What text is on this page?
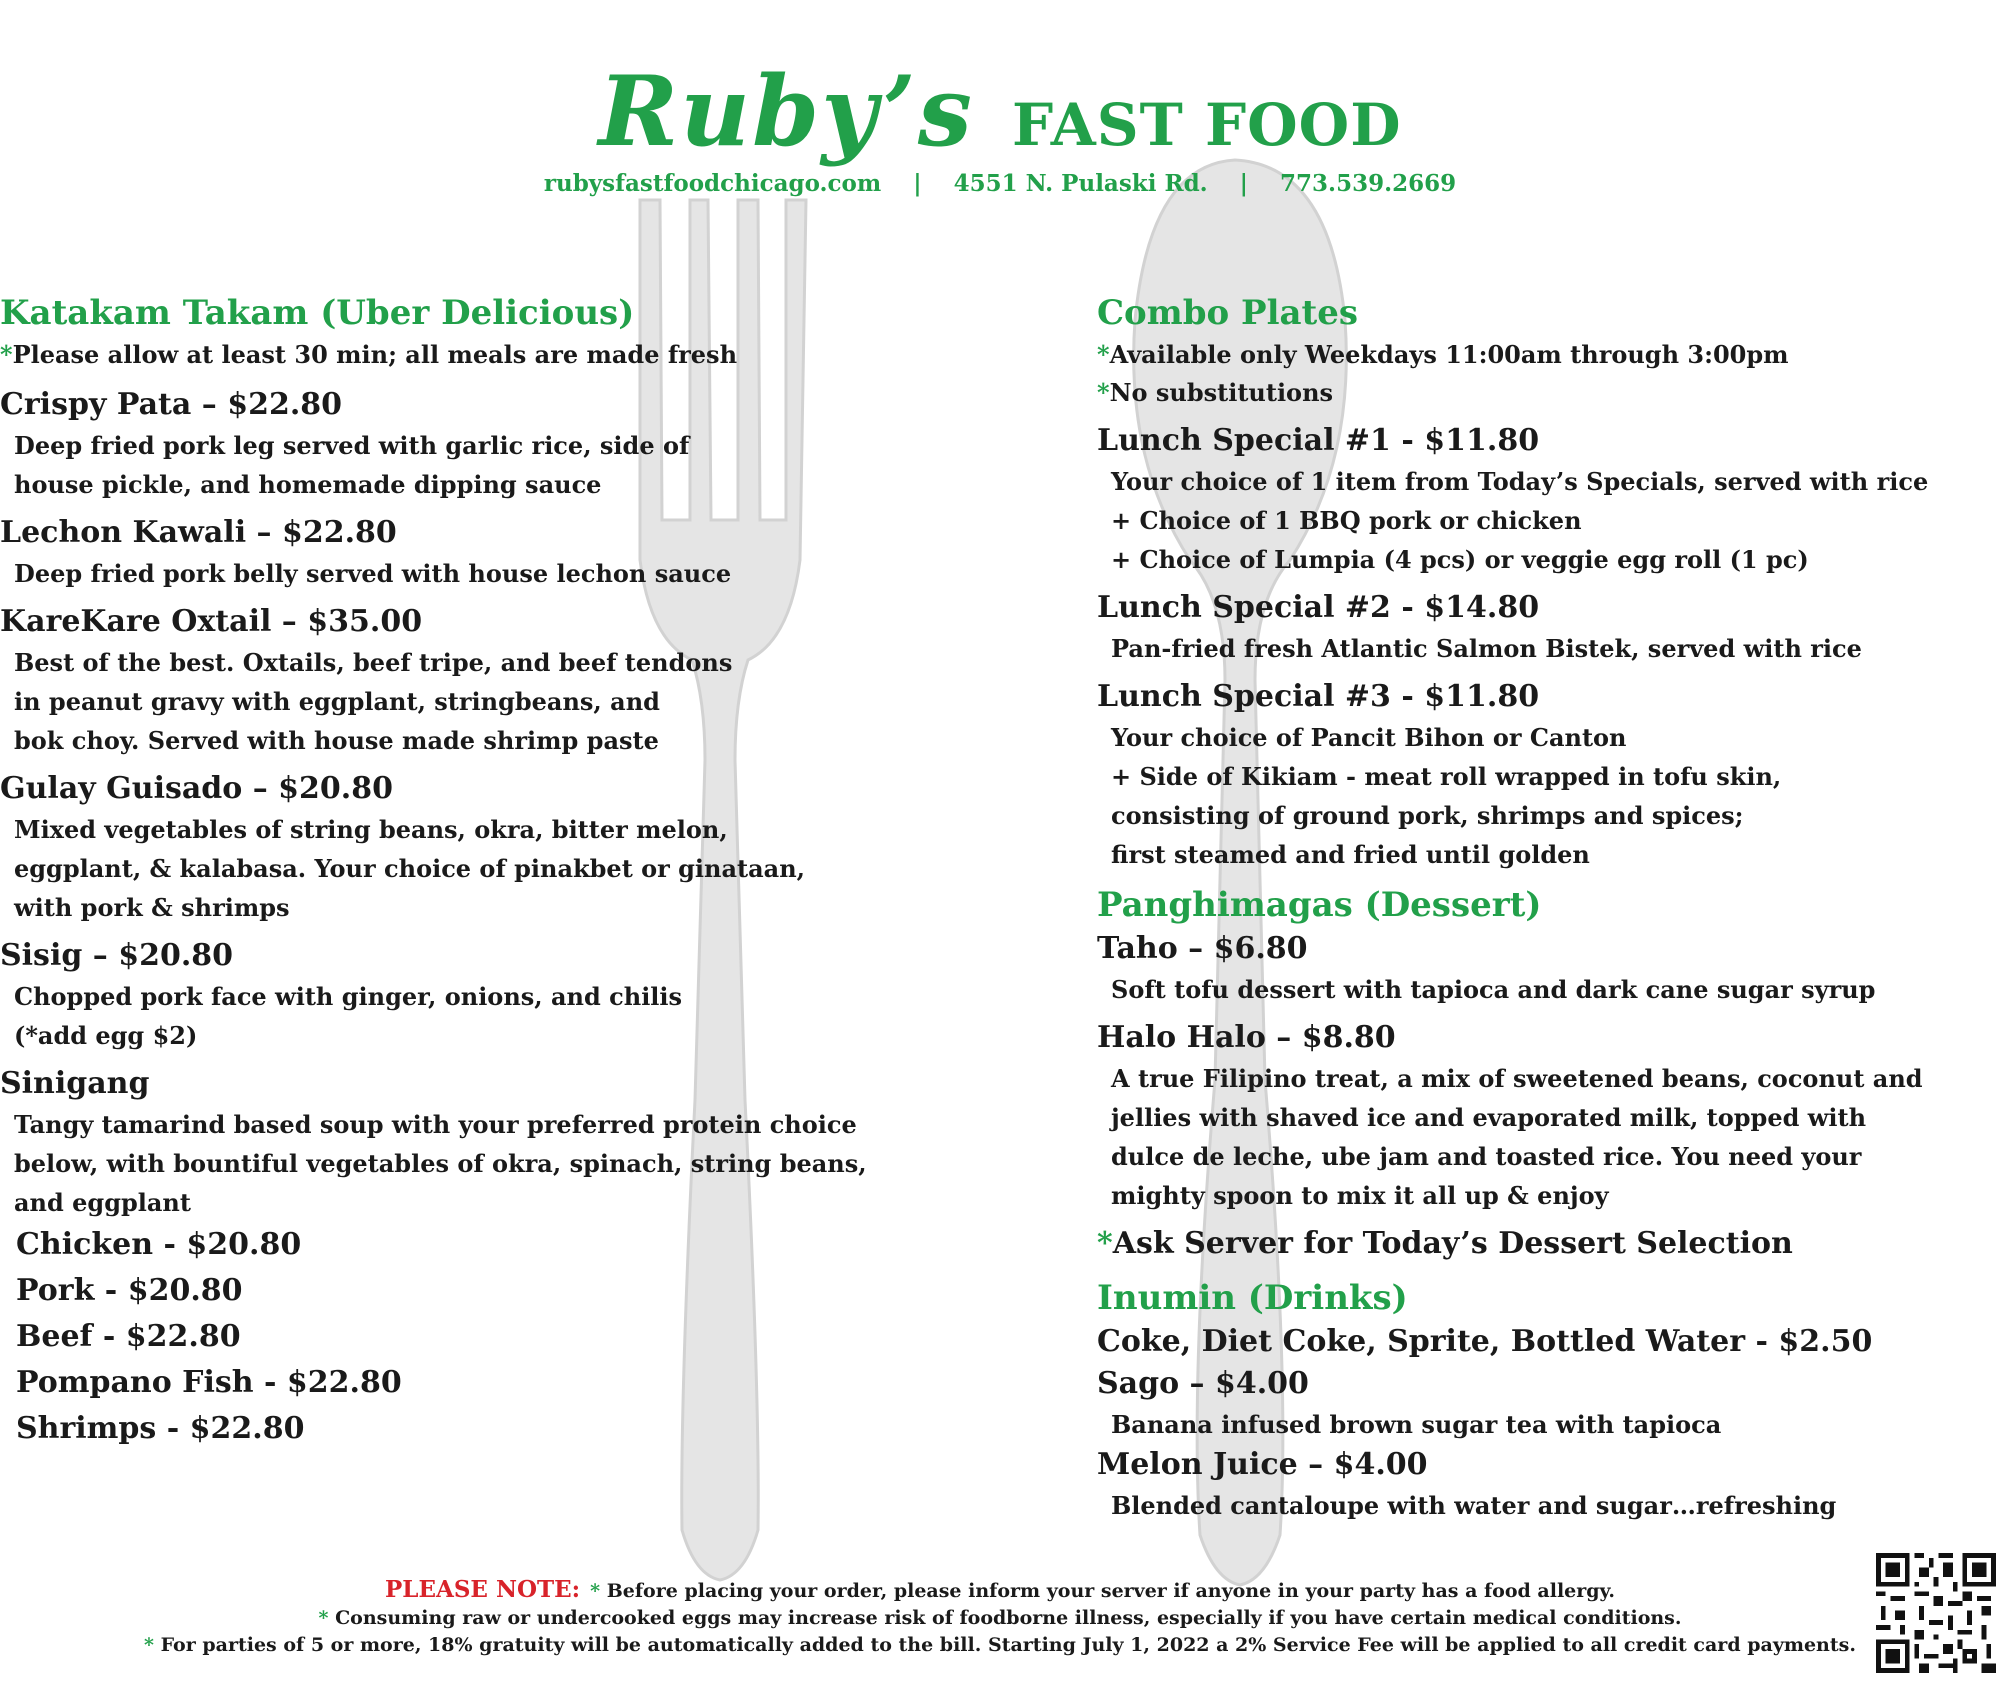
Ruby’s FAST FOOD
rubysfastfoodchicago.com | 4551 N. Pulaski Rd. | 773.539.2669
Katakam Takam (Uber Delicious)
*Please allow at least 30 min; all meals are made fresh
Crispy Pata – $22.80
Deep fried pork leg served with garlic rice, side of
house pickle, and homemade dipping sauce
Lechon Kawali – $22.80
Deep fried pork belly served with house lechon sauce
KareKare Oxtail – $35.00
Best of the best. Oxtails, beef tripe, and beef tendons
in peanut gravy with eggplant, stringbeans, and
bok choy. Served with house made shrimp paste
Gulay Guisado – $20.80
Mixed vegetables of string beans, okra, bitter melon,
eggplant, & kalabasa. Your choice of pinakbet or ginataan,
with pork & shrimps
Sisig – $20.80
Chopped pork face with ginger, onions, and chilis
(*add egg $2)
Sinigang
Tangy tamarind based soup with your preferred protein choice
below, with bountiful vegetables of okra, spinach, string beans,
and eggplant
Chicken - $20.80
Pork - $20.80
Beef - $22.80
Pompano Fish - $22.80
Shrimps - $22.80
Combo Plates
*Available only Weekdays 11:00am through 3:00pm
*No substitutions
Lunch Special #1 - $11.80
Your choice of 1 item from Today’s Specials, served with rice
+ Choice of 1 BBQ pork or chicken
+ Choice of Lumpia (4 pcs) or veggie egg roll (1 pc)
Lunch Special #2 - $14.80
Pan-fried fresh Atlantic Salmon Bistek, served with rice
Lunch Special #3 - $11.80
Your choice of Pancit Bihon or Canton
+ Side of Kikiam - meat roll wrapped in tofu skin,
consisting of ground pork, shrimps and spices;
first steamed and fried until golden
Panghimagas (Dessert)
Taho – $6.80
Soft tofu dessert with tapioca and dark cane sugar syrup
Halo Halo – $8.80
A true Filipino treat, a mix of sweetened beans, coconut and
jellies with shaved ice and evaporated milk, topped with
dulce de leche, ube jam and toasted rice. You need your
mighty spoon to mix it all up & enjoy
*Ask Server for Today’s Dessert Selection
Inumin (Drinks)
Coke, Diet Coke, Sprite, Bottled Water - $2.50
Sago – $4.00
Banana infused brown sugar tea with tapioca
Melon Juice – $4.00
Blended cantaloupe with water and sugar…refreshing
PLEASE NOTE: * Before placing your order, please inform your server if anyone in your party has a food allergy.
* Consuming raw or undercooked eggs may increase risk of foodborne illness, especially if you have certain medical conditions.
* For parties of 5 or more, 18% gratuity will be automatically added to the bill. Starting July 1, 2022 a 2% Service Fee will be applied to all credit card payments.
